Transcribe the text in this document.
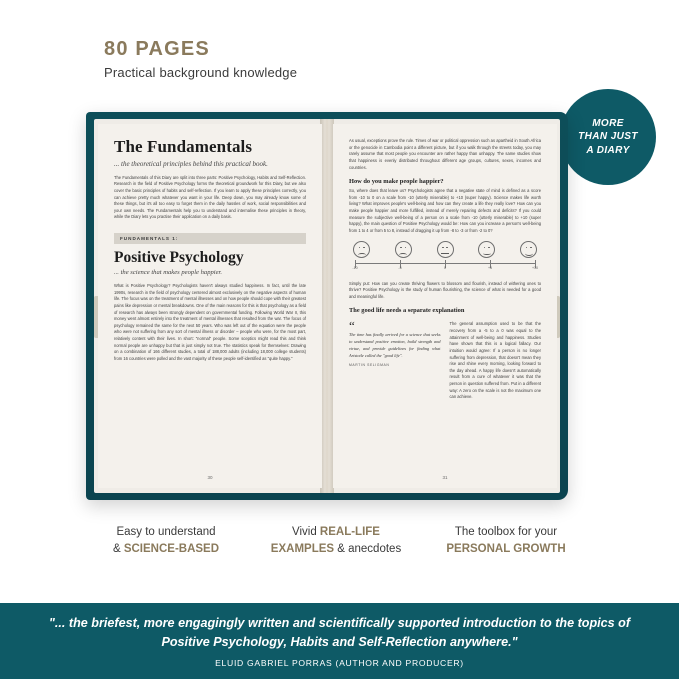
80 PAGES
Practical background knowledge
MORE
THAN JUST
A DIARY
The Fundamentals
... the theoretical principles behind this practical book.
The Fundamentals of this Diary are split into three parts: Positive Psychology, Habits and Self-Reflection. Research in the field of Positive Psychology forms the theoretical groundwork for this Diary, but we also cover the basic principles of habits and self-reflection. If you learn to apply these principles correctly, you can achieve pretty much whatever you want in your life. Deep down, you may already know some of these things, but it's all too easy to forget them in the daily hassles of work, social responsibilities and your own needs. The Fundamentals help you to understand and internalise these principles in theory, while the Diary lets you practise their application on a daily basis.
FUNDAMENTALS 1:
Positive Psychology
... the science that makes people happier.
What is Positive Psychology? Psychologists haven't always studied happiness. In fact, until the late 1990s, research in the field of psychology centered almost exclusively on the negative aspects of human life. The focus was on the treatment of mental illnesses and on how people should cope with their greatest pains like depression or mental breakdowns. One of the main reasons for this is that psychology as a field of research has always been strongly dependent on governmental funding. Following World War II, this money went almost entirely into the treatment of mental illnesses that resulted from the war. The focus of psychology remained the same for the next 50 years. Who was left out of the equation were the people who were not suffering from any sort of mental illness or disorder – people who were, for the most part, relatively content with their lives. In short: "normal" people. Some sceptics might read this and think normal people are unhappy but that is just simply not true. The statistics speak for themselves: Drawing on a combination of 166 different studies, a total of 188,000 adults (including 18,000 college students) from 16 countries were polled and the vast majority of these people self-identified as "quite happy."
30
As usual, exceptions prove the rule. Times of war or political oppression such as apartheid in South Africa or the genocide in Cambodia point a different picture, but if you walk through the streets today, you may rarely assume that most people you encounter are rather happy than unhappy. The same studies show that happiness is evenly distributed throughout different age groups, cultures, sexes, incomes and countries.
How do you make people happier?
So, where does that leave us? Psychologists agree that a negative state of mind is defined as a score from -10 to 0 on a scale from -10 (utterly miserable) to +10 (super happy). Science makes life worth living? What improves people's well-being and how can they create a life they really love? How can you make people happier and more fulfilled, instead of merely repairing defects and deficits? If you could measure the subjective well-being of a person on a scale from -10 (utterly miserable) to +10 (super happy), the main question of Positive Psychology would be: How can you increase a person's well-being from 1 to 4 or from 5 to 8, instead of dragging it up from -8 to -3 or from -2 to 0?
-10	-5	0	+5	+10
Simply put: How can you create thriving flowers to blossom and flourish, instead of withering ones to thrive? Positive Psychology is the study of human flourishing, the science of what is needed for a good and meaningful life.
The good life needs a separate explanation
“
The time has finally arrived for a science that seeks to understand positive emotion, build strength and virtue, and provide guidelines for finding what Aristotle called the "good life".
MARTIN SELIGMAN
The general assumption used to be that the recovery from a -5 to a 0 was equal to the attainment of well-being and happiness. Studies have shown that this is a logical fallacy. Our intuition would agree: If a person is no longer suffering from depression, that doesn't mean they rise and shine every morning, looking forward to the day ahead. A happy life doesn't automatically result from a cure of whatever it was that the person in question suffered from. Put in a different way: A zero on the scale is not the maximum one can achieve.
31
Easy to understand
& SCIENCE-BASED
Vivid REAL-LIFE
EXAMPLES & anecdotes
The toolbox for your
PERSONAL GROWTH
"... the briefest, more engagingly written and scientifically supported introduction to the topics of Positive Psychology, Habits and Self-Reflection anywhere."
ELUID GABRIEL PORRAS (AUTHOR AND PRODUCER)
